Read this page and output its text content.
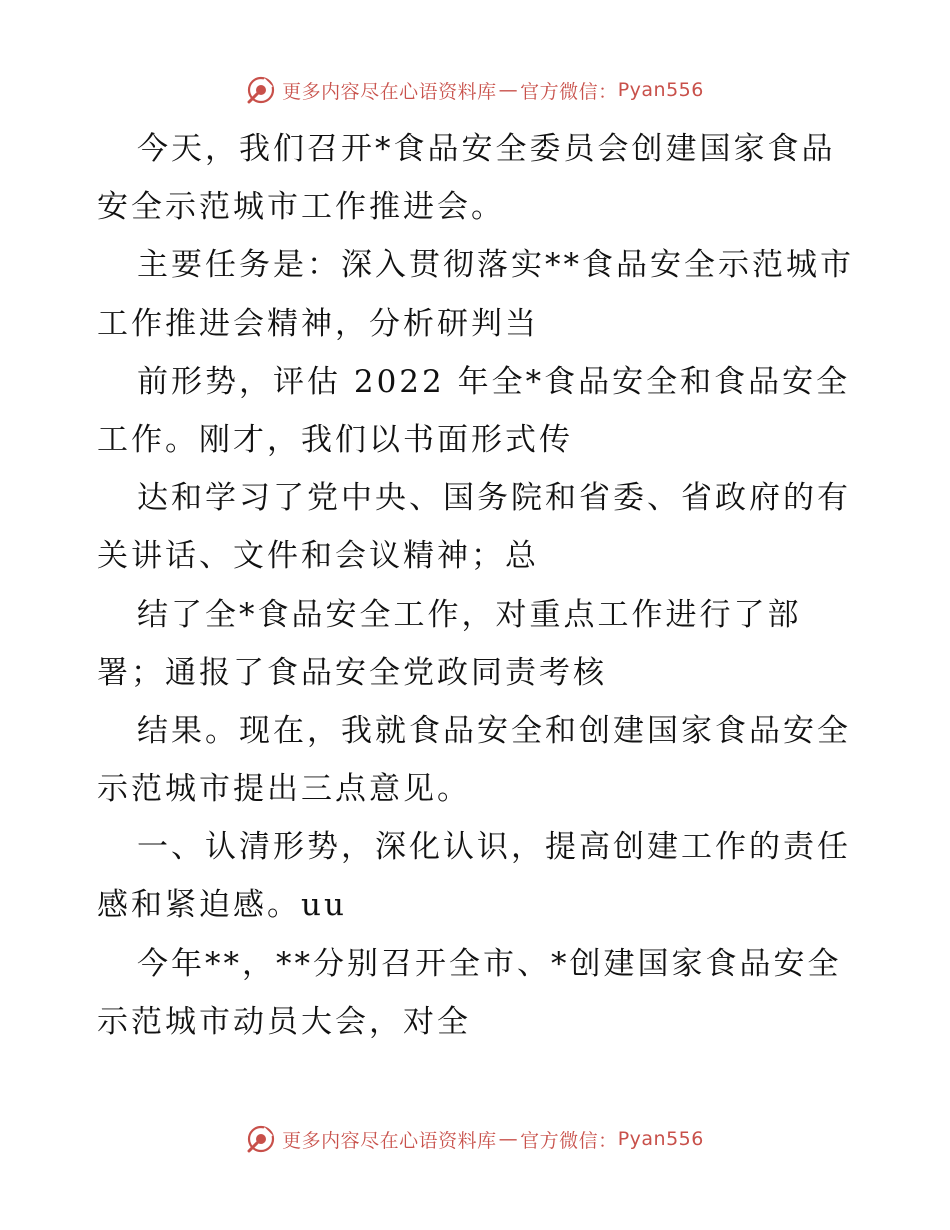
更多内容尽在心语资料库 — 官方微信： Pyan556
今天，我们召开*食品安全委员会创建国家食品
安全示范城市工作推进会。
主要任务是：深入贯彻落实**食品安全示范城市
工作推进会精神，分析研判当
前形势，评估 2022 年全*食品安全和食品安全
工作。刚才，我们以书面形式传
达和学习了党中央、国务院和省委、省政府的有
关讲话、文件和会议精神；总
结了全*食品安全工作，对重点工作进行了部
署；通报了食品安全党政同责考核
结果。现在，我就食品安全和创建国家食品安全
示范城市提出三点意见。
一、认清形势，深化认识，提高创建工作的责任
感和紧迫感。uu
今年**，**分别召开全市、*创建国家食品安全
示范城市动员大会，对全
更多内容尽在心语资料库 — 官方微信： Pyan556
